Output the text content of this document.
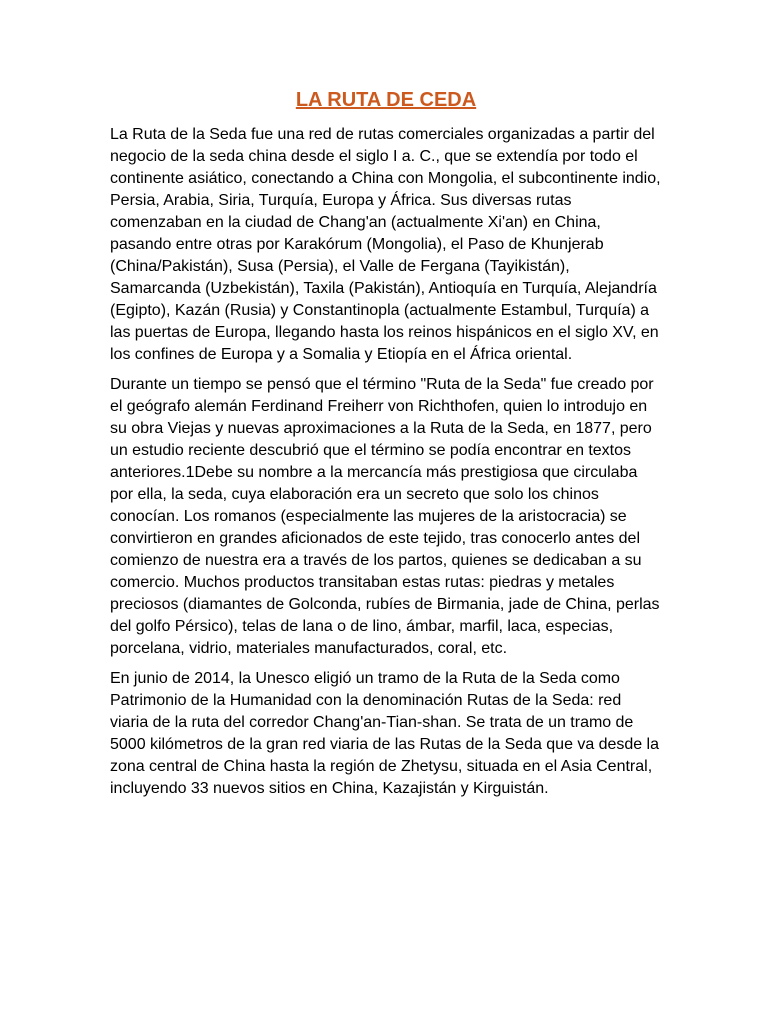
LA RUTA DE CEDA

La Ruta de la Seda fue una red de rutas comerciales organizadas a partir del negocio de la seda china desde el siglo I a. C., que se extendía por todo el continente asiático, conectando a China con Mongolia, el subcontinente indio, Persia, Arabia, Siria, Turquía, Europa y África. Sus diversas rutas comenzaban en la ciudad de Chang'an (actualmente Xi'an) en China, pasando entre otras por Karakórum (Mongolia), el Paso de Khunjerab (China/Pakistán), Susa (Persia), el Valle de Fergana (Tayikistán), Samarcanda (Uzbekistán), Taxila (Pakistán), Antioquía en Turquía, Alejandría (Egipto), Kazán (Rusia) y Constantinopla (actualmente Estambul, Turquía) a las puertas de Europa, llegando hasta los reinos hispánicos en el siglo XV, en los confines de Europa y a Somalia y Etiopía en el África oriental.

Durante un tiempo se pensó que el término "Ruta de la Seda" fue creado por el geógrafo alemán Ferdinand Freiherr von Richthofen, quien lo introdujo en su obra Viejas y nuevas aproximaciones a la Ruta de la Seda, en 1877, pero un estudio reciente descubrió que el término se podía encontrar en textos anteriores.1Debe su nombre a la mercancía más prestigiosa que circulaba por ella, la seda, cuya elaboración era un secreto que solo los chinos conocían. Los romanos (especialmente las mujeres de la aristocracia) se convirtieron en grandes aficionados de este tejido, tras conocerlo antes del comienzo de nuestra era a través de los partos, quienes se dedicaban a su comercio. Muchos productos transitaban estas rutas: piedras y metales preciosos (diamantes de Golconda, rubíes de Birmania, jade de China, perlas del golfo Pérsico), telas de lana o de lino, ámbar, marfil, laca, especias, porcelana, vidrio, materiales manufacturados, coral, etc.

En junio de 2014, la Unesco eligió un tramo de la Ruta de la Seda como Patrimonio de la Humanidad con la denominación Rutas de la Seda: red viaria de la ruta del corredor Chang'an-Tian-shan. Se trata de un tramo de 5000 kilómetros de la gran red viaria de las Rutas de la Seda que va desde la zona central de China hasta la región de Zhetysu, situada en el Asia Central, incluyendo 33 nuevos sitios en China, Kazajistán y Kirguistán.
